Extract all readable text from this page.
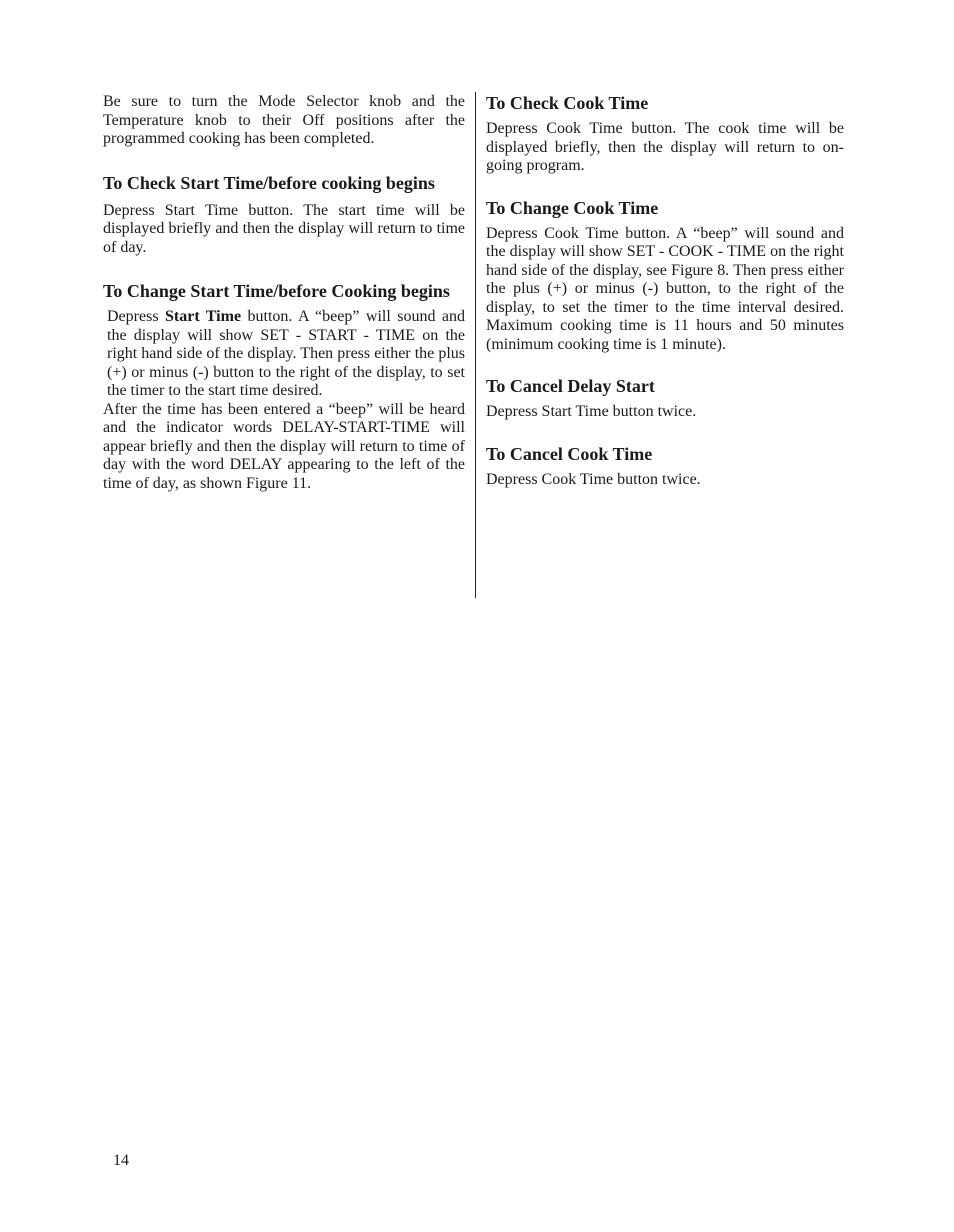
Be sure to turn the Mode Selector knob and the Temperature knob to their Off positions after the programmed cooking has been completed.

To Check Start Time/before cooking begins

Depress Start Time button. The start time will be displayed briefly and then the display will return to time of day.

To Change Start Time/before Cooking begins

Depress Start Time button. A “beep” will sound and the display will show SET - START - TIME on the right hand side of the display. Then press either the plus (+) or minus (-) button to the right of the display, to set the timer to the start time desired.

After the time has been entered a “beep” will be heard and the indicator words DELAY-START-TIME will appear briefly and then the display will return to time of day with the word DELAY appearing to the left of the time of day, as shown Figure 11.

To Check Cook Time

Depress Cook Time button. The cook time will be displayed briefly, then the display will return to on-going program.

To Change Cook Time

Depress Cook Time button. A “beep” will sound and the display will show SET - COOK - TIME on the right hand side of the display, see Figure 8. Then press either the plus (+) or minus (-) button, to the right of the display, to set the timer to the time interval desired. Maximum cooking time is 11 hours and 50 minutes (minimum cooking time is 1 minute).

To Cancel Delay Start

Depress Start Time button twice.

To Cancel Cook Time

Depress Cook Time button twice.

14
